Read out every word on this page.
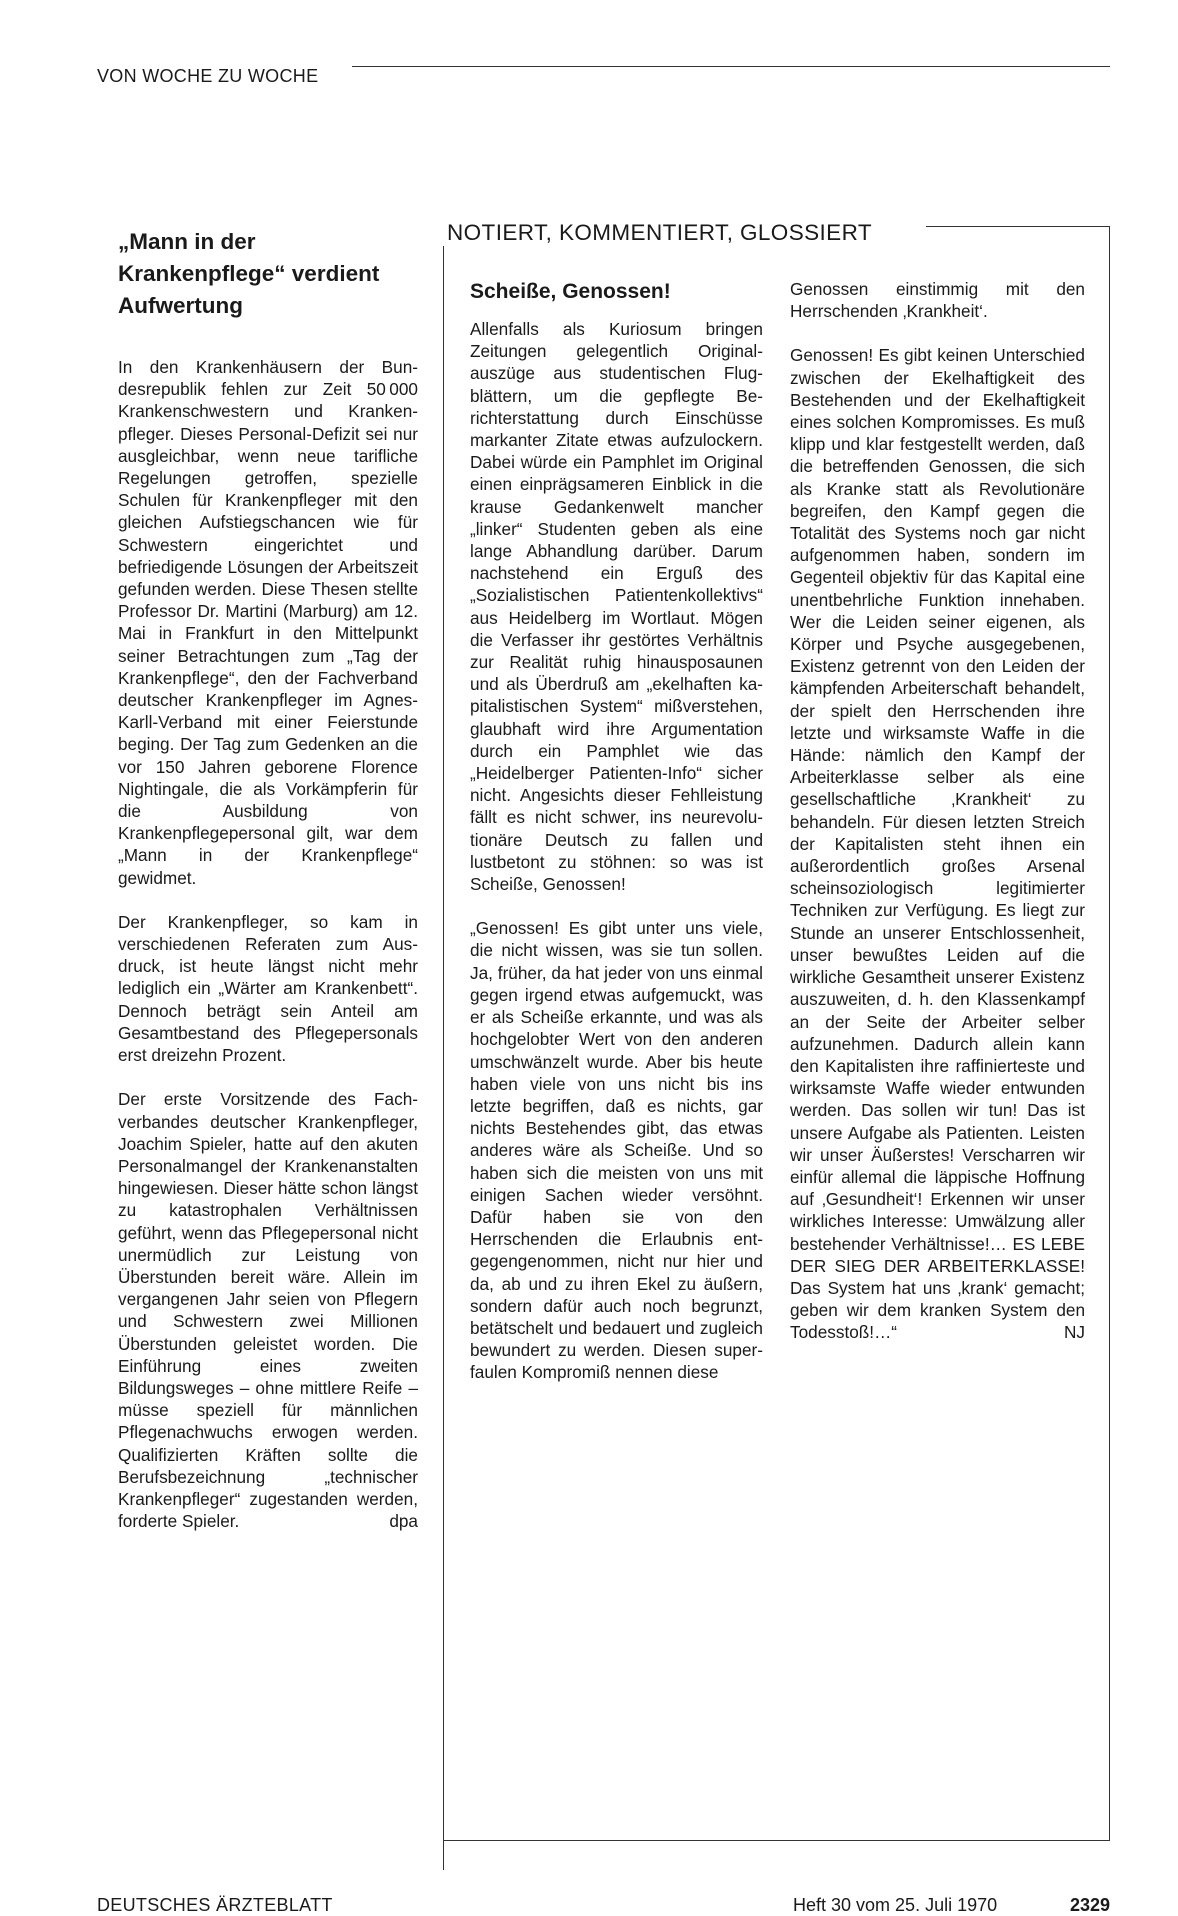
VON WOCHE ZU WOCHE
„Mann in der
Krankenpflege“ verdient
Aufwertung

In den Krankenhäusern der Bundesrepublik fehlen zur Zeit 50 000 Krankenschwestern und Krankenpfleger. Dieses Personal-Defizit sei nur ausgleichbar, wenn neue tarifliche Regelungen getroffen, spezielle Schulen für Krankenpfleger mit den gleichen Aufstiegschancen wie für Schwestern eingerichtet und befriedigende Lösungen der Arbeitszeit gefunden werden. Diese Thesen stellte Professor Dr. Martini (Marburg) am 12. Mai in Frankfurt in den Mittelpunkt seiner Betrachtungen zum „Tag der Krankenpflege“, den der Fachverband deutscher Krankenpfleger im Agnes-Karll-Verband mit einer Feierstunde beging. Der Tag zum Gedenken an die vor 150 Jahren geborene Florence Nightingale, die als Vorkämpferin für die Ausbildung von Krankenpflegepersonal gilt, war dem „Mann in der Krankenpflege“ gewidmet.

Der Krankenpfleger, so kam in verschiedenen Referaten zum Ausdruck, ist heute längst nicht mehr lediglich ein „Wärter am Krankenbett“. Dennoch beträgt sein Anteil am Gesamtbestand des Pflegepersonals erst dreizehn Prozent.

Der erste Vorsitzende des Fachverbandes deutscher Krankenpfleger, Joachim Spieler, hatte auf den akuten Personalmangel der Krankenanstalten hingewiesen. Dieser hätte schon längst zu katastrophalen Verhältnissen geführt, wenn das Pflegepersonal nicht unermüdlich zur Leistung von Überstunden bereit wäre. Allein im vergangenen Jahr seien von Pflegern und Schwestern zwei Millionen Überstunden geleistet worden. Die Einführung eines zweiten Bildungsweges – ohne mittlere Reife – müsse speziell für männlichen Pflegenachwuchs erwogen werden. Qualifizierten Kräften sollte die Berufsbezeichnung „technischer Krankenpfleger“ zugestanden werden, forderte Spieler.	dpa

NOTIERT, KOMMENTIERT, GLOSSIERT
Scheiße, Genossen!

Allenfalls als Kuriosum bringen Zeitungen gelegentlich Originalauszüge aus studentischen Flugblättern, um die gepflegte Berichterstattung durch Einschüsse markanter Zitate etwas aufzulockern. Dabei würde ein Pamphlet im Original einen einprägsameren Einblick in die krause Gedankenwelt mancher „linker“ Studenten geben als eine lange Abhandlung darüber. Darum nachstehend ein Erguß des „Sozialistischen Patientenkollektivs“ aus Heidelberg im Wortlaut. Mögen die Verfasser ihr gestörtes Verhältnis zur Realität ruhig hinausposaunen und als Überdruß am „ekelhaften kapitalistischen System“ mißverstehen, glaubhaft wird ihre Argumentation durch ein Pamphlet wie das „Heidelberger Patienten-Info“ sicher nicht. Angesichts dieser Fehlleistung fällt es nicht schwer, ins neurevolutionäre Deutsch zu fallen und lustbetont zu stöhnen: so was ist Scheiße, Genossen!

„Genossen! Es gibt unter uns viele, die nicht wissen, was sie tun sollen. Ja, früher, da hat jeder von uns einmal gegen irgend etwas aufgemuckt, was er als Scheiße erkannte, und was als hochgelobter Wert von den anderen umschwänzelt wurde. Aber bis heute haben viele von uns nicht bis ins letzte begriffen, daß es nichts, gar nichts Bestehendes gibt, das etwas anderes wäre als Scheiße. Und so haben sich die meisten von uns mit einigen Sachen wieder versöhnt. Dafür haben sie von den Herrschenden die Erlaubnis entgegengenommen, nicht nur hier und da, ab und zu ihren Ekel zu äußern, sondern dafür auch noch begrunzt, betätschelt und bedauert und zugleich bewundert zu werden. Diesen superfaulen Kompromiß nennen diese

Genossen einstimmig mit den Herrschenden ‚Krankheit‘.

Genossen! Es gibt keinen Unterschied zwischen der Ekelhaftigkeit des Bestehenden und der Ekelhaftigkeit eines solchen Kompromisses. Es muß klipp und klar festgestellt werden, daß die betreffenden Genossen, die sich als Kranke statt als Revolutionäre begreifen, den Kampf gegen die Totalität des Systems noch gar nicht aufgenommen haben, sondern im Gegenteil objektiv für das Kapital eine unentbehrliche Funktion innehaben. Wer die Leiden seiner eigenen, als Körper und Psyche ausgegebenen, Existenz getrennt von den Leiden der kämpfenden Arbeiterschaft behandelt, der spielt den Herrschenden ihre letzte und wirksamste Waffe in die Hände: nämlich den Kampf der Arbeiterklasse selber als eine gesellschaftliche ‚Krankheit‘ zu behandeln. Für diesen letzten Streich der Kapitalisten steht ihnen ein außerordentlich großes Arsenal scheinsoziologisch legitimierter Techniken zur Verfügung. Es liegt zur Stunde an unserer Entschlossenheit, unser bewußtes Leiden auf die wirkliche Gesamtheit unserer Existenz auszuweiten, d. h. den Klassenkampf an der Seite der Arbeiter selber aufzunehmen. Dadurch allein kann den Kapitalisten ihre raffinierteste und wirksamste Waffe wieder entwunden werden. Das sollen wir tun! Das ist unsere Aufgabe als Patienten. Leisten wir unser Äußerstes! Verscharren wir einfür allemal die läppische Hoffnung auf ‚Gesundheit‘! Erkennen wir unser wirkliches Interesse: Umwälzung aller bestehender Verhältnisse!… ES LEBE DER SIEG DER ARBEITERKLASSE! Das System hat uns ‚krank‘ gemacht; geben wir dem kranken System den Todesstoß!…“	NJ

DEUTSCHES ÄRZTEBLATT	Heft 30 vom 25. Juli 1970	2329
